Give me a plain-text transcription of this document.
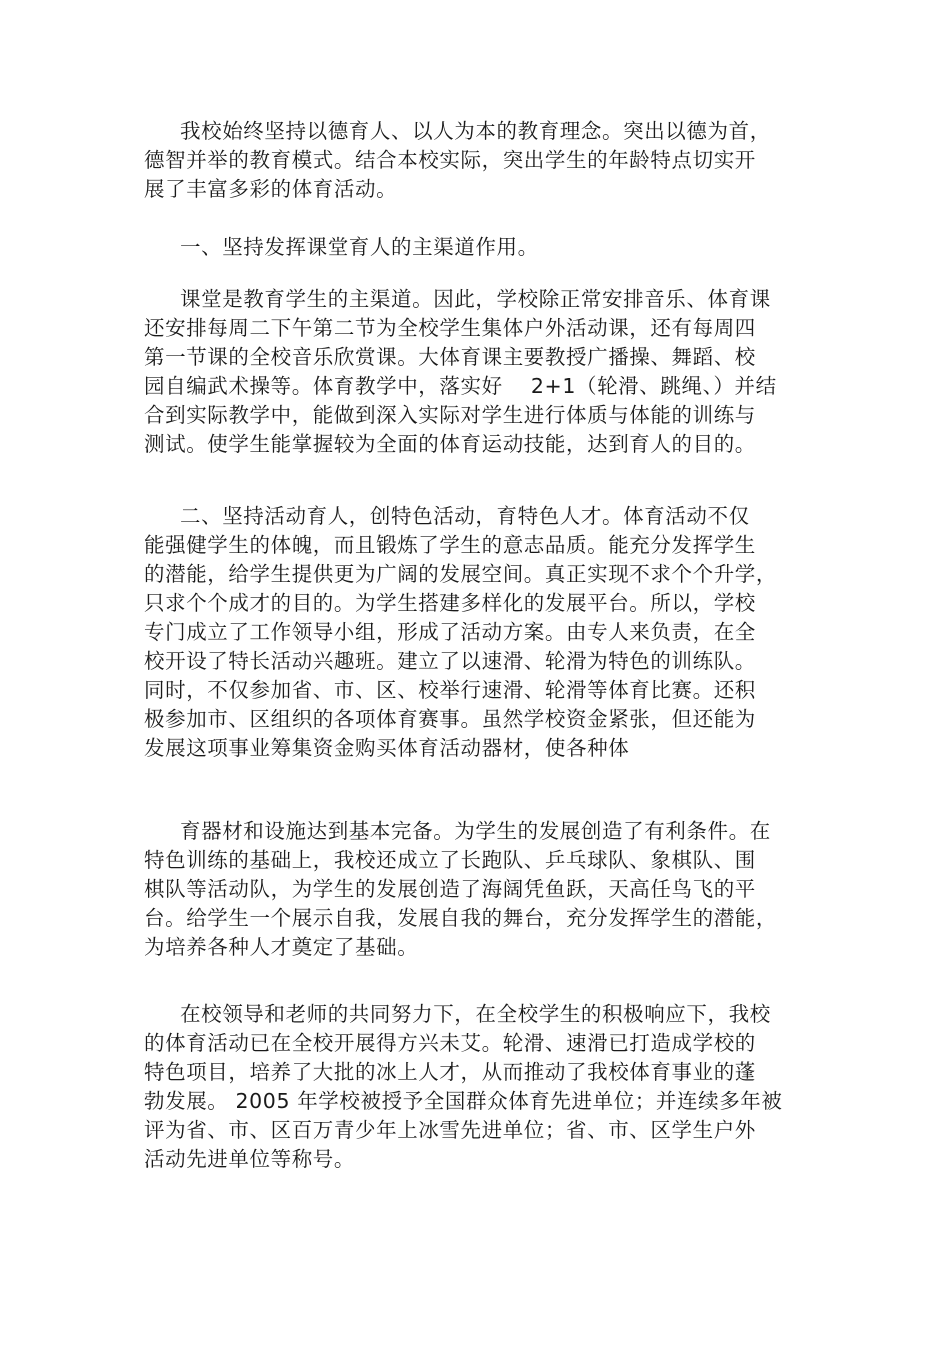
我校始终坚持以德育人、以人为本的教育理念。突出以德为首，
德智并举的教育模式。结合本校实际，突出学生的年龄特点切实开
展了丰富多彩的体育活动。

一、坚持发挥课堂育人的主渠道作用。

课堂是教育学生的主渠道。因此，学校除正常安排音乐、体育课
还安排每周二下午第二节为全校学生集体户外活动课，还有每周四
第一节课的全校音乐欣赏课。大体育课主要教授广播操、舞蹈、校
园自编武术操等。体育教学中，落实好　 2+1（轮滑、跳绳、）并结
合到实际教学中，能做到深入实际对学生进行体质与体能的训练与
测试。使学生能掌握较为全面的体育运动技能，达到育人的目的。

二、坚持活动育人，创特色活动，育特色人才。体育活动不仅
能强健学生的体魄，而且锻炼了学生的意志品质。能充分发挥学生
的潜能，给学生提供更为广阔的发展空间。真正实现不求个个升学，
只求个个成才的目的。为学生搭建多样化的发展平台。所以，学校
专门成立了工作领导小组，形成了活动方案。由专人来负责，在全
校开设了特长活动兴趣班。建立了以速滑、轮滑为特色的训练队。
同时，不仅参加省、市、区、校举行速滑、轮滑等体育比赛。还积
极参加市、区组织的各项体育赛事。虽然学校资金紧张，但还能为
发展这项事业筹集资金购买体育活动器材，使各种体

育器材和设施达到基本完备。为学生的发展创造了有利条件。在
特色训练的基础上，我校还成立了长跑队、乒乓球队、象棋队、围
棋队等活动队，为学生的发展创造了海阔凭鱼跃，天高任鸟飞的平
台。给学生一个展示自我，发展自我的舞台，充分发挥学生的潜能，
为培养各种人才奠定了基础。

在校领导和老师的共同努力下，在全校学生的积极响应下，我校
的体育活动已在全校开展得方兴未艾。轮滑、速滑已打造成学校的
特色项目，培养了大批的冰上人才，从而推动了我校体育事业的蓬
勃发展。 2005 年学校被授予全国群众体育先进单位；并连续多年被
评为省、市、区百万青少年上冰雪先进单位；省、市、区学生户外
活动先进单位等称号。
